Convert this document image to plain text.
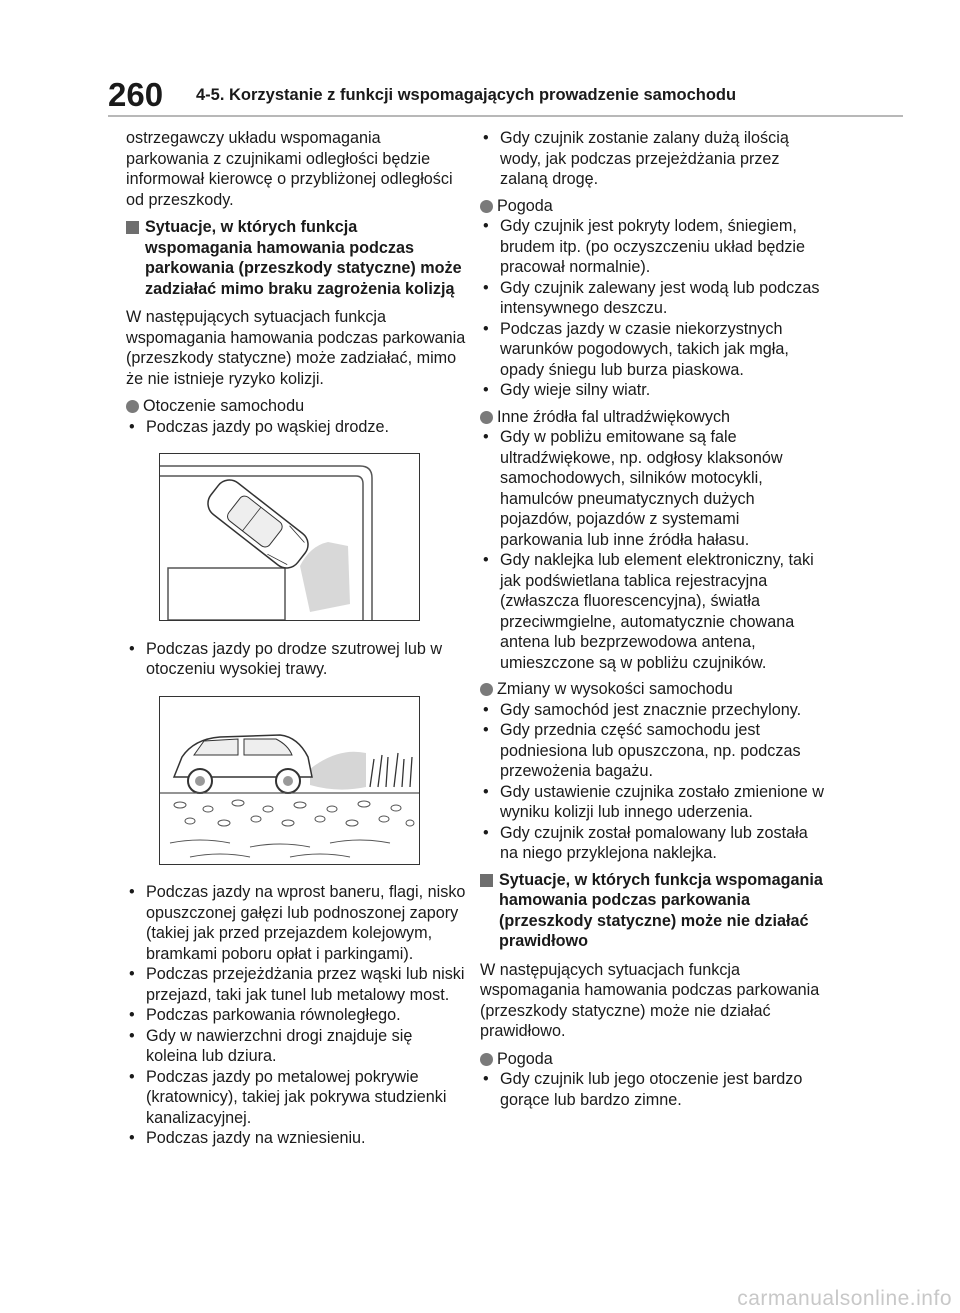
260 4-5. Korzystanie z funkcji wspomagających prowadzenie samochodu

ostrzegawczy układu wspomagania parkowania z czujnikami odległości będzie informował kierowcę o przybliżonej odległości od przeszkody.

Sytuacje, w których funkcja wspomagania hamowania podczas parkowania (przeszkody statyczne) może zadziałać mimo braku zagrożenia kolizją

W następujących sytuacjach funkcja wspomagania hamowania podczas parkowania (przeszkody statyczne) może zadziałać, mimo że nie istnieje ryzyko kolizji.

Otoczenie samochodu
• Podczas jazdy po wąskiej drodze.
• Podczas jazdy po drodze szutrowej lub w otoczeniu wysokiej trawy.
• Podczas jazdy na wprost baneru, flagi, nisko opuszczonej gałęzi lub podnoszonej zapory (takiej jak przed przejazdem kolejowym, bramkami poboru opłat i parkingami).
• Podczas przejeżdżania przez wąski lub niski przejazd, taki jak tunel lub metalowy most.
• Podczas parkowania równoległego.
• Gdy w nawierzchni drogi znajduje się koleina lub dziura.
• Podczas jazdy po metalowej pokrywie (kratownicy), takiej jak pokrywa studzienki kanalizacyjnej.
• Podczas jazdy na wzniesieniu.
• Gdy czujnik zostanie zalany dużą ilością wody, jak podczas przejeżdżania przez zalaną drogę.
Pogoda
• Gdy czujnik jest pokryty lodem, śniegiem, brudem itp. (po oczyszczeniu układ będzie pracował normalnie).
• Gdy czujnik zalewany jest wodą lub podczas intensywnego deszczu.
• Podczas jazdy w czasie niekorzystnych warunków pogodowych, takich jak mgła, opady śniegu lub burza piaskowa.
• Gdy wieje silny wiatr.
Inne źródła fal ultradźwiękowych
• Gdy w pobliżu emitowane są fale ultradźwiękowe, np. odgłosy klaksonów samochodowych, silników motocykli, hamulców pneumatycznych dużych pojazdów, pojazdów z systemami parkowania lub inne źródła hałasu.
• Gdy naklejka lub element elektroniczny, taki jak podświetlana tablica rejestracyjna (zwłaszcza fluorescencyjna), światła przeciwmgielne, automatycznie chowana antena lub bezprzewodowa antena, umieszczone są w pobliżu czujników.
Zmiany w wysokości samochodu
• Gdy samochód jest znacznie przechylony.
• Gdy przednia część samochodu jest podniesiona lub opuszczona, np. podczas przewożenia bagażu.
• Gdy ustawienie czujnika zostało zmienione w wyniku kolizji lub innego uderzenia.
• Gdy czujnik został pomalowany lub została na niego przyklejona naklejka.
Sytuacje, w których funkcja wspomagania hamowania podczas parkowania (przeszkody statyczne) może nie działać prawidłowo

W następujących sytuacjach funkcja wspomagania hamowania podczas parkowania (przeszkody statyczne) może nie działać prawidłowo.

Pogoda
• Gdy czujnik lub jego otoczenie jest bardzo gorące lub bardzo zimne.
carmanualsonline.info
